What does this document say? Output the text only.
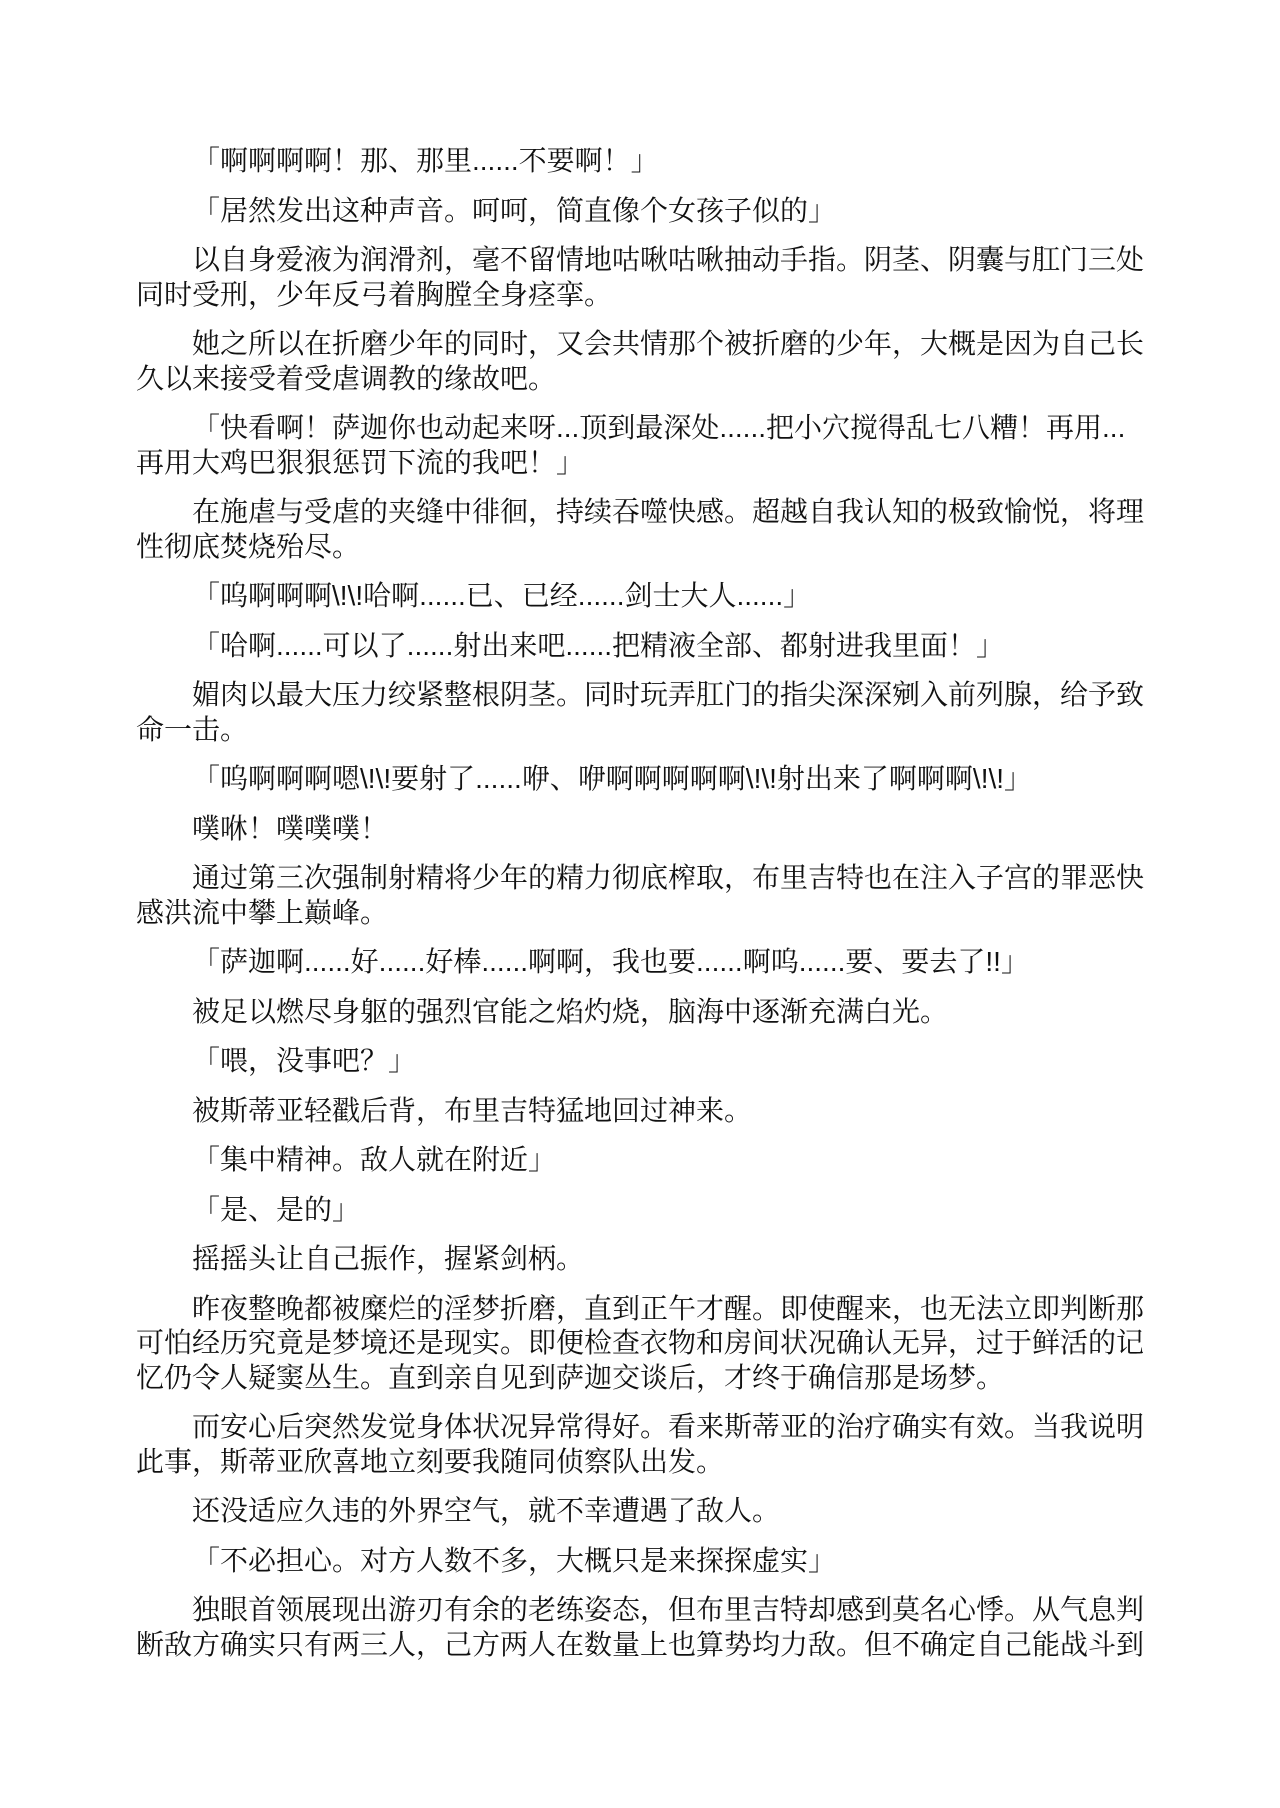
「啊啊啊啊！那、那里......不要啊！」

「居然发出这种声音。呵呵，简直像个女孩子似的」

以自身爱液为润滑剂，毫不留情地咕啾咕啾抽动手指。阴茎、阴囊与肛门三处同时受刑，少年反弓着胸膛全身痉挛。

她之所以在折磨少年的同时，又会共情那个被折磨的少年，大概是因为自己长久以来接受着受虐调教的缘故吧。

「快看啊！萨迦你也动起来呀...顶到最深处......把小穴搅得乱七八糟！再用...再用大鸡巴狠狠惩罚下流的我吧！」

在施虐与受虐的夹缝中徘徊，持续吞噬快感。超越自我认知的极致愉悦，将理性彻底焚烧殆尽。

「呜啊啊啊\!\!哈啊......已、已经......剑士大人......」

「哈啊......可以了......射出来吧......把精液全部、都射进我里面！」

媚肉以最大压力绞紧整根阴茎。同时玩弄肛门的指尖深深剜入前列腺，给予致命一击。

「呜啊啊啊嗯\!\!要射了......咿、咿啊啊啊啊啊\!\!射出来了啊啊啊\!\!」

噗咻！噗噗噗！

通过第三次强制射精将少年的精力彻底榨取，布里吉特也在注入子宫的罪恶快感洪流中攀上巅峰。

「萨迦啊......好......好棒......啊啊，我也要......啊呜......要、要去了!!」

被足以燃尽身躯的强烈官能之焰灼烧，脑海中逐渐充满白光。

「喂，没事吧？」

被斯蒂亚轻戳后背，布里吉特猛地回过神来。

「集中精神。敌人就在附近」

「是、是的」

摇摇头让自己振作，握紧剑柄。

昨夜整晚都被糜烂的淫梦折磨，直到正午才醒。即使醒来，也无法立即判断那可怕经历究竟是梦境还是现实。即便检查衣物和房间状况确认无异，过于鲜活的记忆仍令人疑窦丛生。直到亲自见到萨迦交谈后，才终于确信那是场梦。

而安心后突然发觉身体状况异常得好。看来斯蒂亚的治疗确实有效。当我说明此事，斯蒂亚欣喜地立刻要我随同侦察队出发。

还没适应久违的外界空气，就不幸遭遇了敌人。

「不必担心。对方人数不多，大概只是来探探虚实」

独眼首领展现出游刃有余的老练姿态，但布里吉特却感到莫名心悸。从气息判断敌方确实只有两三人，己方两人在数量上也算势均力敌。但不确定自己能战斗到
